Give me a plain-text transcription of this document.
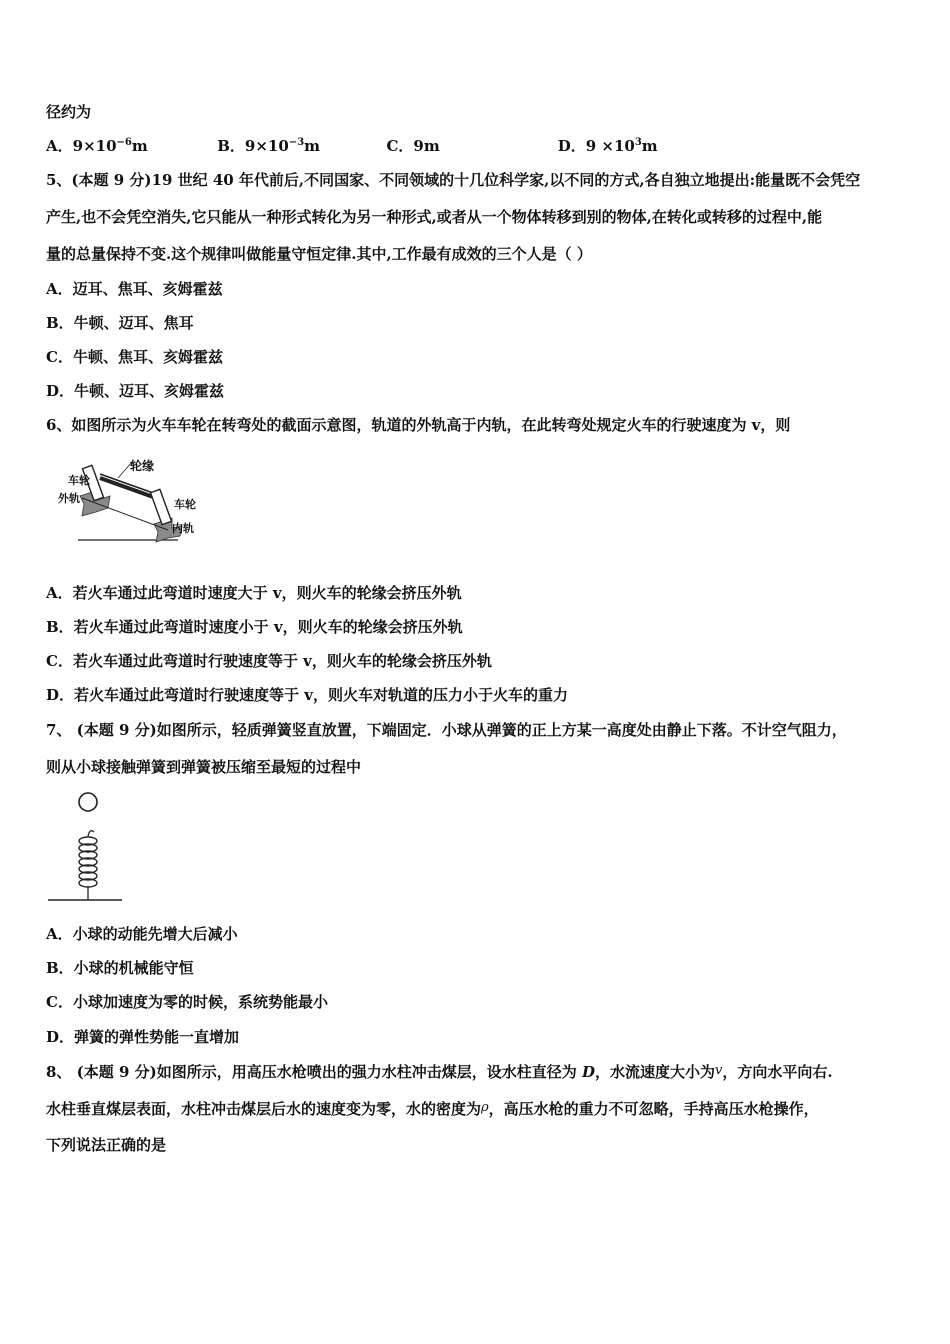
径约为
A．$9\times 10^{-6}m$	B．$9\times 10^{-3}m$	C．9m	D．$9 \times 10^3m$
5、(本题 9 分)19 世纪 40 年代前后,不同国家、不同领域的十几位科学家,以不同的方式,各自独立地提出:能量既不会凭空
产生,也不会凭空消失,它只能从一种形式转化为另一种形式,或者从一个物体转移到别的物体,在转化或转移的过程中,能
量的总量保持不变.这个规律叫做能量守恒定律.其中,工作最有成效的三个人是（ ）
A．迈耳、焦耳、亥姆霍兹
B．牛顿、迈耳、焦耳
C．牛顿、焦耳、亥姆霍兹
D．牛顿、迈耳、亥姆霍兹
6、如图所示为火车车轮在转弯处的截面示意图，轨道的外轨高于内轨，在此转弯处规定火车的行驶速度为 v，则
轮缘
车轮
外轨	车轮
内轨
A．若火车通过此弯道时速度大于 v，则火车的轮缘会挤压外轨
B．若火车通过此弯道时速度小于 v，则火车的轮缘会挤压外轨
C．若火车通过此弯道时行驶速度等于 v，则火车的轮缘会挤压外轨
D．若火车通过此弯道时行驶速度等于 v，则火车对轨道的压力小于火车的重力
7、 (本题 9 分)如图所示，轻质弹簧竖直放置，下端固定．小球从弹簧的正上方某一高度处由静止下落。不计空气阻力，
则从小球接触弹簧到弹簧被压缩至最短的过程中
A．小球的动能先增大后减小
B．小球的机械能守恒
C．小球加速度为零的时候，系统势能最小
D．弹簧的弹性势能一直增加
8、 (本题 9 分)如图所示，用高压水枪喷出的强力水柱冲击煤层，设水柱直径为 D，水流速度大小为v，方向水平向右.
水柱垂直煤层表面，水柱冲击煤层后水的速度变为零，水的密度为ρ，高压水枪的重力不可忽略，手持高压水枪操作，
下列说法正确的是
